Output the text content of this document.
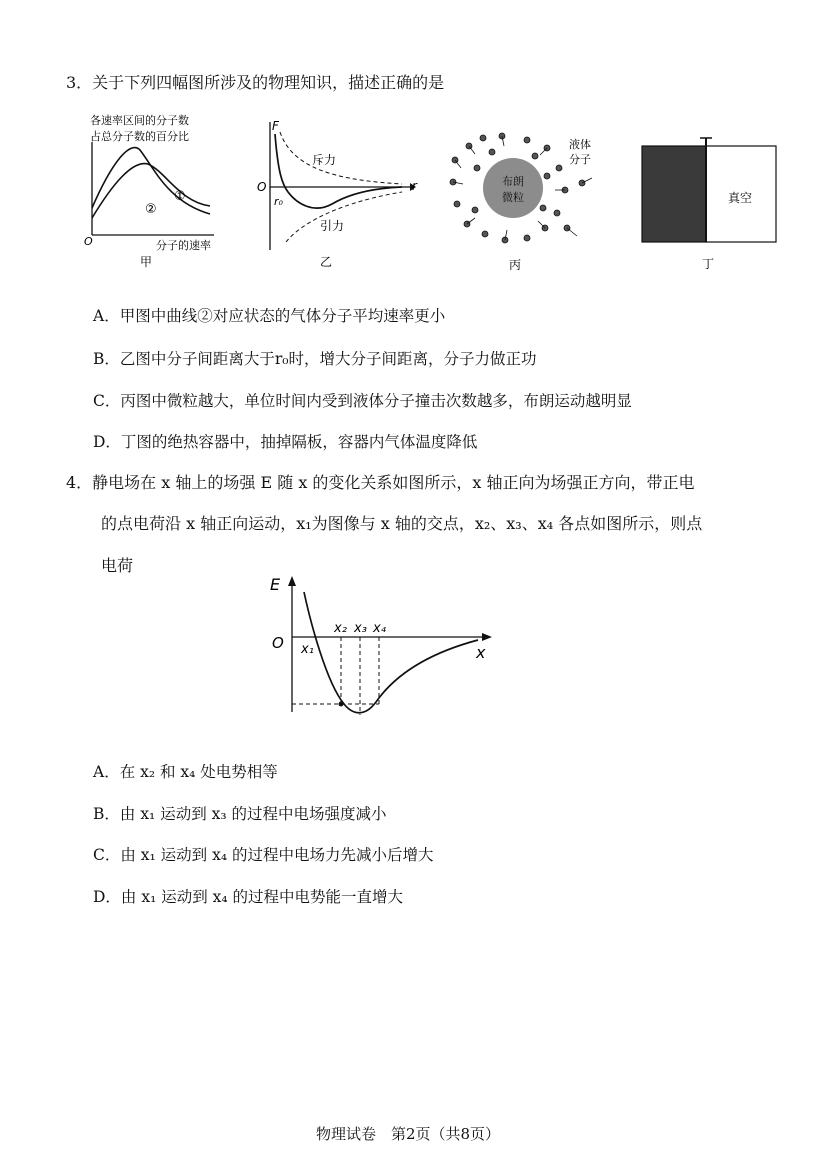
3．关于下列四幅图所涉及的物理知识，描述正确的是
各速率区间的分子数
占总分子数的百分比
①
②
O	分子的速率
甲
F
斥力
引力
O
r₀
r
乙
布朗
微粒
液体
分子
丙
真空
丁
A．甲图中曲线②对应状态的气体分子平均速率更小
B．乙图中分子间距离大于r₀时，增大分子间距离，分子力做正功
C．丙图中微粒越大，单位时间内受到液体分子撞击次数越多，布朗运动越明显
D．丁图的绝热容器中，抽掉隔板，容器内气体温度降低
4．静电场在 x 轴上的场强 E 随 x 的变化关系如图所示，x 轴正向为场强正方向，带正电
的点电荷沿 x 轴正向运动，x₁为图像与 x 轴的交点，x₂、x₃、x₄ 各点如图所示，则点
电荷
E
O	x
x₁
x₂ x₃ x₄
A．在 x₂ 和 x₄ 处电势相等
B．由 x₁ 运动到 x₃ 的过程中电场强度减小
C．由 x₁ 运动到 x₄ 的过程中电场力先减小后增大
D．由 x₁ 运动到 x₄ 的过程中电势能一直增大
物理试卷　第2页（共8页）
